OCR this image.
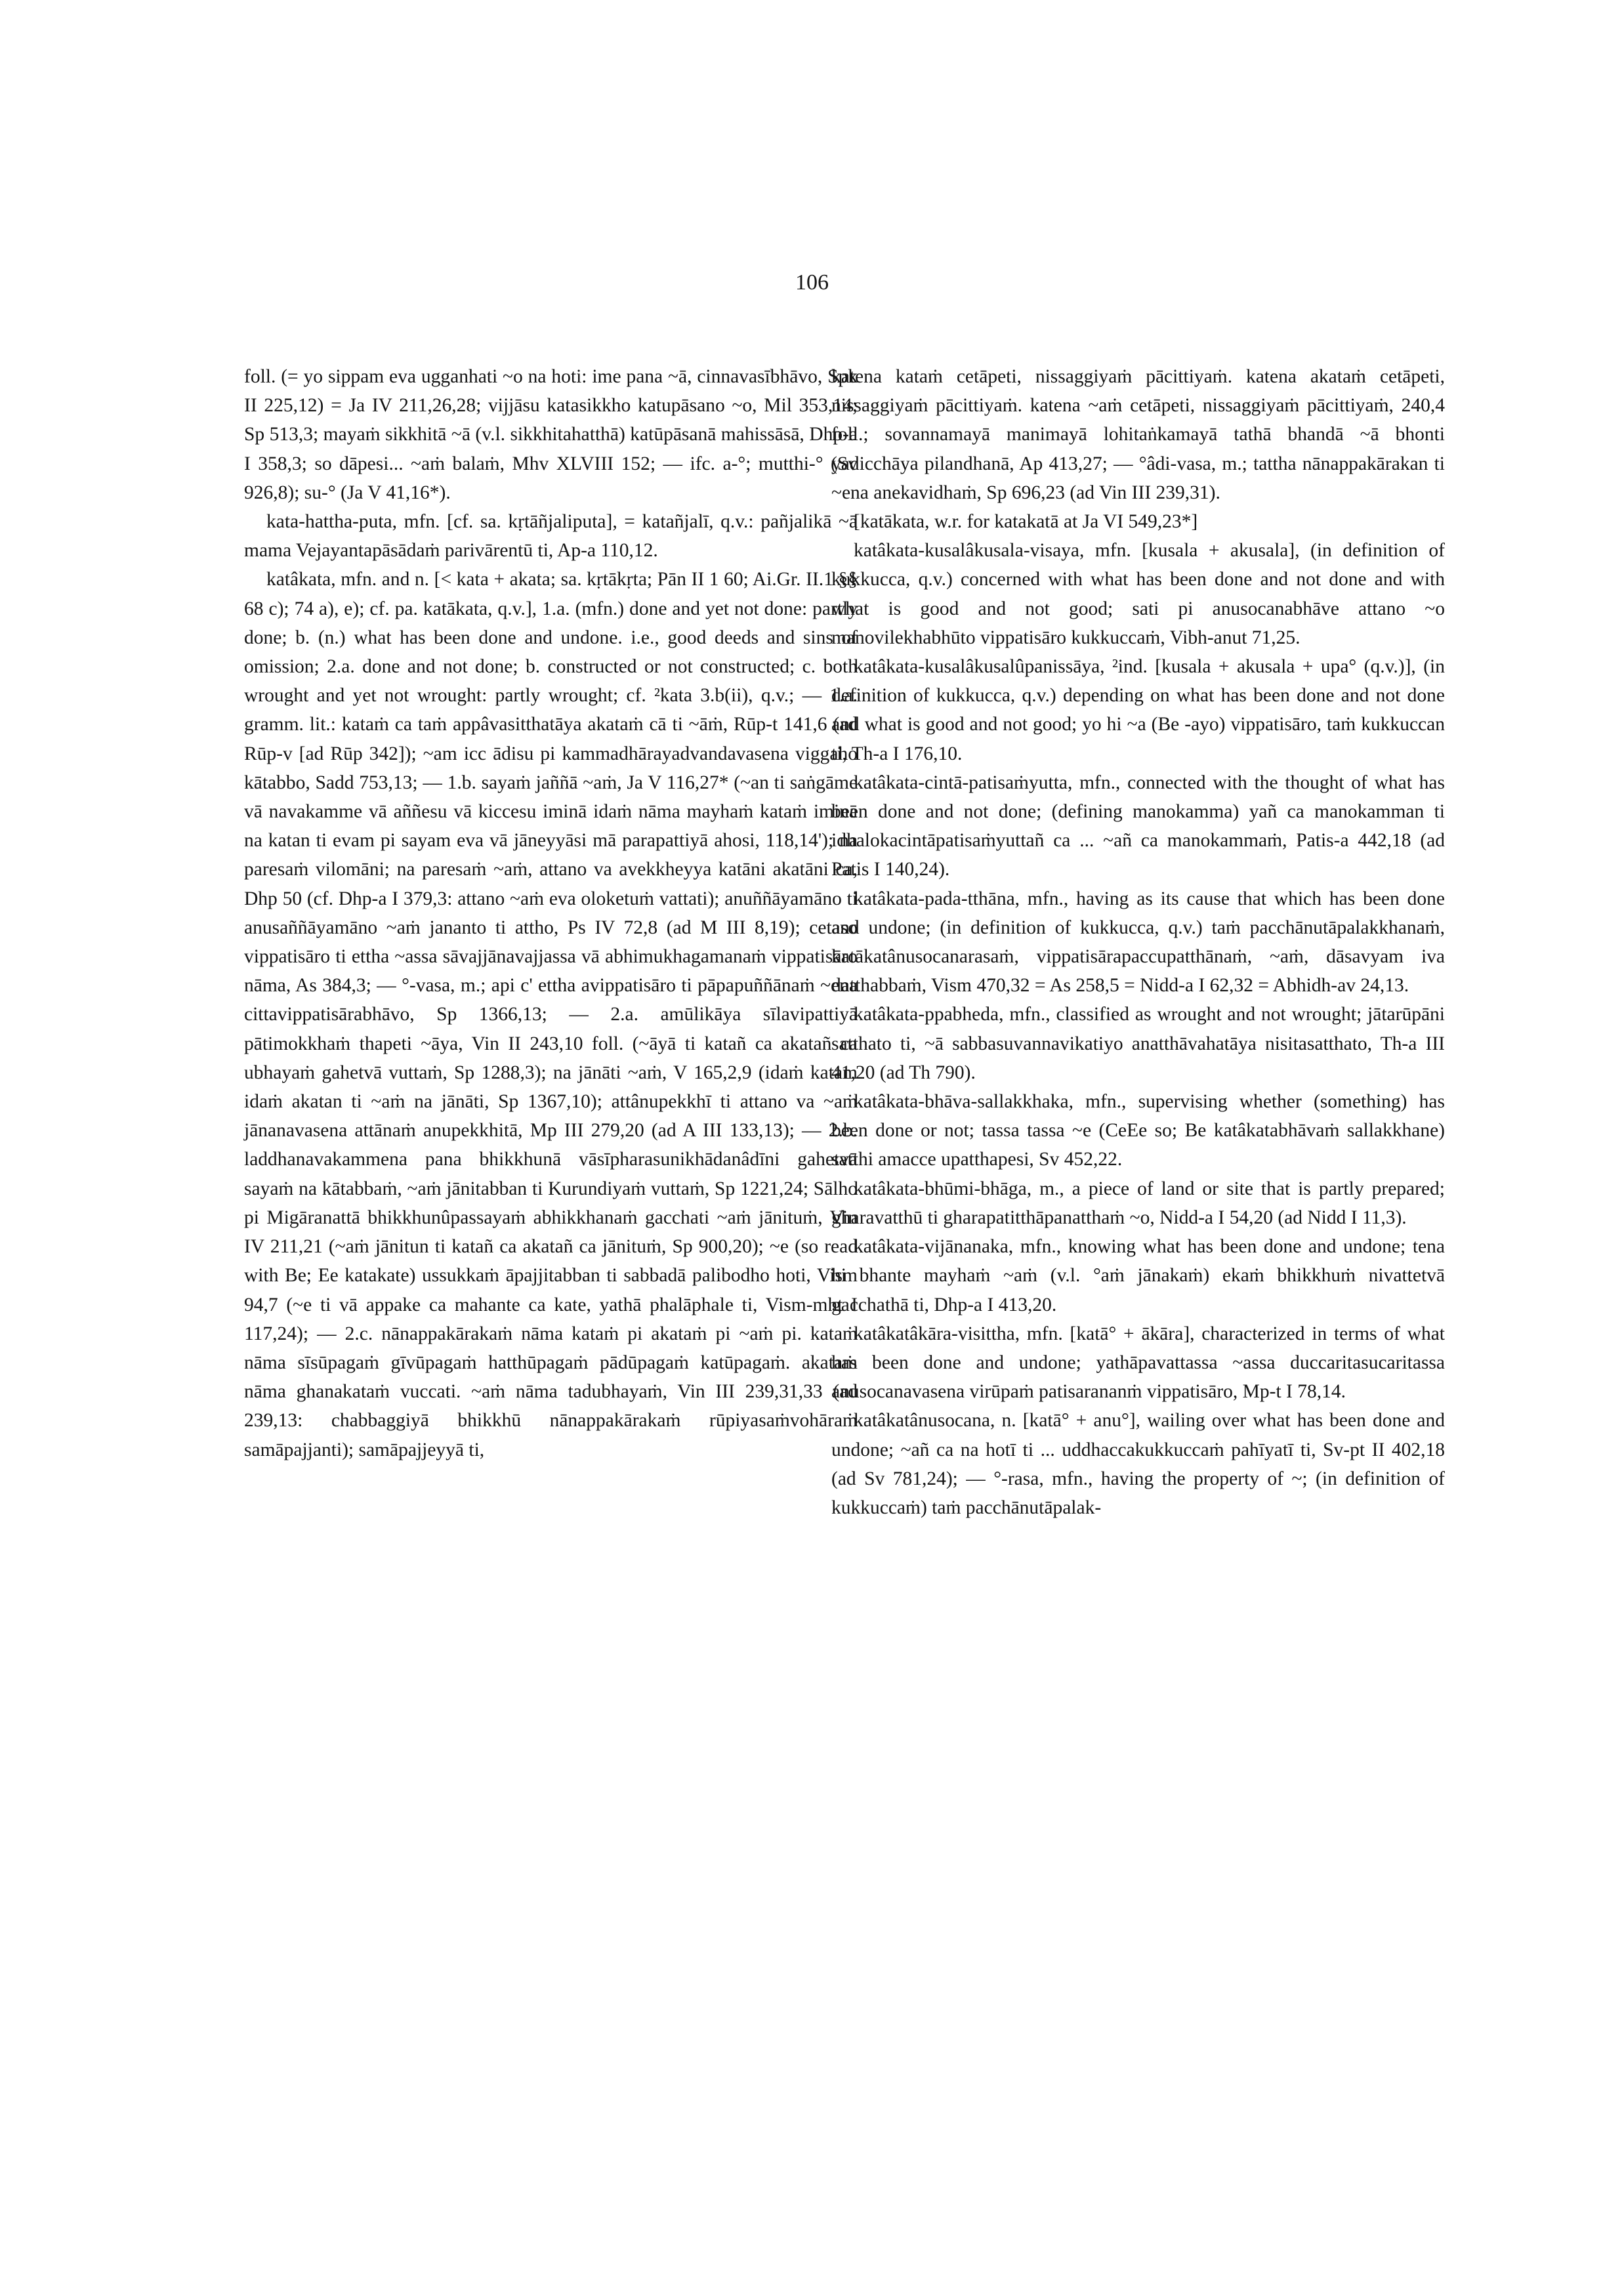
106

foll. (= yo sippam eva ugganhati ~o na hoti: ime pana ~ā, cinnavasībhāvo, Spk II 225,12) = Ja IV 211,26,28; vijjāsu katasikkho katupāsano ~o, Mil 353,14; Sp 513,3; mayaṁ sikkhitā ~ā (v.l. sikkhitahatthā) katūpāsanā mahissāsā, Dhp-a I 358,3; so dāpesi... ~aṁ balaṁ, Mhv XLVIII 152; — ifc. a-°; mutthi-° (Sv 926,8); su-° (Ja V 41,16*).

kata-hattha-puta, mfn. [cf. sa. kṛtāñjaliputa], = katañjalī, q.v.: pañjalikā ~ā mama Vejayantapāsādaṁ parivārentū ti, Ap-a 110,12.

katâkata, mfn. and n. [< kata + akata; sa. kṛtākṛta; Pān II 1 60; Ai.Gr. II.1 §§ 68 c); 74 a), e); cf. pa. katākata, q.v.], 1.a. (mfn.) done and yet not done: partly done; b. (n.) what has been done and undone. i.e., good deeds and sins of omission; 2.a. done and not done; b. constructed or not constructed; c. both wrought and yet not wrought: partly wrought; cf. ²kata 3.b(ii), q.v.; — 1.a. gramm. lit.: kataṁ ca taṁ appâvasitthatāya akataṁ cā ti ~āṁ, Rūp-t 141,6 (ad Rūp-v [ad Rūp 342]); ~am icc ādisu pi kammadhārayadvandavasena viggaho kātabbo, Sadd 753,13; — 1.b. sayaṁ jaññā ~aṁ, Ja V 116,27* (~an ti saṅgāme vā navakamme vā aññesu vā kiccesu iminā idaṁ nāma mayhaṁ kataṁ iminā na katan ti evam pi sayam eva vā jāneyyāsi mā parapattiyā ahosi, 118,14'); na paresaṁ vilomāni; na paresaṁ ~aṁ, attano va avekkheyya katāni akatāni ca, Dhp 50 (cf. Dhp-a I 379,3: attano ~aṁ eva oloketuṁ vattati); anuññāyamāno ti anusaññāyamāno ~aṁ jananto ti attho, Ps IV 72,8 (ad M III 8,19); cetaso vippatisāro ti ettha ~assa sāvajjānavajjassa vā abhimukhagamanaṁ vippatisāro nāma, As 384,3; — °-vasa, m.; api c' ettha avippatisāro ti pāpapuññānaṁ ~ena cittavippatisārabhāvo, Sp 1366,13; — 2.a. amūlikāya sīlavipattiyā pātimokkhaṁ thapeti ~āya, Vin II 243,10 foll. (~āyā ti katañ ca akatañ ca ubhayaṁ gahetvā vuttaṁ, Sp 1288,3); na jānāti ~aṁ, V 165,2,9 (idaṁ katam idaṁ akatan ti ~aṁ na jānāti, Sp 1367,10); attânupekkhī ti attano va ~aṁ jānanavasena attānaṁ anupekkhitā, Mp III 279,20 (ad A III 133,13); — 2.b. laddhanavakammena pana bhikkhunā vāsīpharasunikhādanâdīni gahetvā sayaṁ na kātabbaṁ, ~aṁ jānitabban ti Kurundiyaṁ vuttaṁ, Sp 1221,24; Sālho pi Migāranattā bhikkhunûpassayaṁ abhikkhanaṁ gacchati ~aṁ jānituṁ, Vin IV 211,21 (~aṁ jānitun ti katañ ca akatañ ca jānituṁ, Sp 900,20); ~e (so read with Be; Ee katakate) ussukkaṁ āpajjitabban ti sabbadā palibodho hoti, Vism 94,7 (~e ti vā appake ca mahante ca kate, yathā phalāphale ti, Vism-mht I 117,24); — 2.c. nānappakārakaṁ nāma kataṁ pi akataṁ pi ~aṁ pi. kataṁ nāma sīsūpagaṁ gīvūpagaṁ hatthūpagaṁ pādūpagaṁ katūpagaṁ. akataṁ nāma ghanakataṁ vuccati. ~aṁ nāma tadubhayaṁ, Vin III 239,31,33 (ad 239,13: chabbaggiyā bhikkhū nānappakārakaṁ rūpiyasaṁvohāraṁ samāpajjanti); samāpajjeyyā ti,

katena kataṁ cetāpeti, nissaggiyaṁ pācittiyaṁ. katena akataṁ cetāpeti, nissaggiyaṁ pācittiyaṁ. katena ~aṁ cetāpeti, nissaggiyaṁ pācittiyaṁ, 240,4 foll.; sovannamayā manimayā lohitaṅkamayā tathā bhandā ~ā bhonti yadicchāya pilandhanā, Ap 413,27; — °âdi-vasa, m.; tattha nānappakārakan ti ~ena anekavidhaṁ, Sp 696,23 (ad Vin III 239,31).

[katākata, w.r. for katakatā at Ja VI 549,23*]

katâkata-kusalâkusala-visaya, mfn. [kusala + akusala], (in definition of kukkucca, q.v.) concerned with what has been done and not done and with what is good and not good; sati pi anusocanabhāve attano ~o manovilekhabhūto vippatisāro kukkuccaṁ, Vibh-anut 71,25.

katâkata-kusalâkusalûpanissāya, ²ind. [kusala + akusala + upa° (q.v.)], (in definition of kukkucca, q.v.) depending on what has been done and not done and what is good and not good; yo hi ~a (Be -ayo) vippatisāro, taṁ kukkuccan ti, Th-a I 176,10.

katâkata-cintā-patisaṁyutta, mfn., connected with the thought of what has been done and not done; (defining manokamma) yañ ca manokamman ti idhalokacintāpatisaṁyuttañ ca ... ~añ ca manokammaṁ, Patis-a 442,18 (ad Patis I 140,24).

katâkata-pada-tthāna, mfn., having as its cause that which has been done and undone; (in definition of kukkucca, q.v.) taṁ pacchānutāpalakkhanaṁ, katākatânusocanarasaṁ, vippatisārapaccupatthānaṁ, ~aṁ, dāsavyam iva datthabbaṁ, Vism 470,32 = As 258,5 = Nidd-a I 62,32 = Abhidh-av 24,13.

katâkata-ppabheda, mfn., classified as wrought and not wrought; jātarūpāni satthato ti, ~ā sabbasuvannavikatiyo anatthāvahatāya nisitasatthato, Th-a III 41,20 (ad Th 790).

katâkata-bhāva-sallakkhaka, mfn., supervising whether (something) has been done or not; tassa tassa ~e (CeEe so; Be katâkatabhāvaṁ sallakkhane) satthi amacce upatthapesi, Sv 452,22.

katâkata-bhūmi-bhāga, m., a piece of land or site that is partly prepared; gharavatthū ti gharapatitthāpanatthaṁ ~o, Nidd-a I 54,20 (ad Nidd I 11,3).

katâkata-vijānanaka, mfn., knowing what has been done and undone; tena hi bhante mayhaṁ ~aṁ (v.l. °aṁ jānakaṁ) ekaṁ bhikkhuṁ nivattetvā gacchathā ti, Dhp-a I 413,20.

katâkatâkāra-visittha, mfn. [katā° + ākāra], characterized in terms of what has been done and undone; yathāpavattassa ~assa duccaritasucaritassa anusocanavasena virūpaṁ patisarananṁ vippatisāro, Mp-t I 78,14.

katâkatânusocana, n. [katā° + anu°], wailing over what has been done and undone; ~añ ca na hotī ti ... uddhaccakukkuccaṁ pahīyatī ti, Sv-pt II 402,18 (ad Sv 781,24); — °-rasa, mfn., having the property of ~; (in definition of kukkuccaṁ) taṁ pacchānutāpalak-
